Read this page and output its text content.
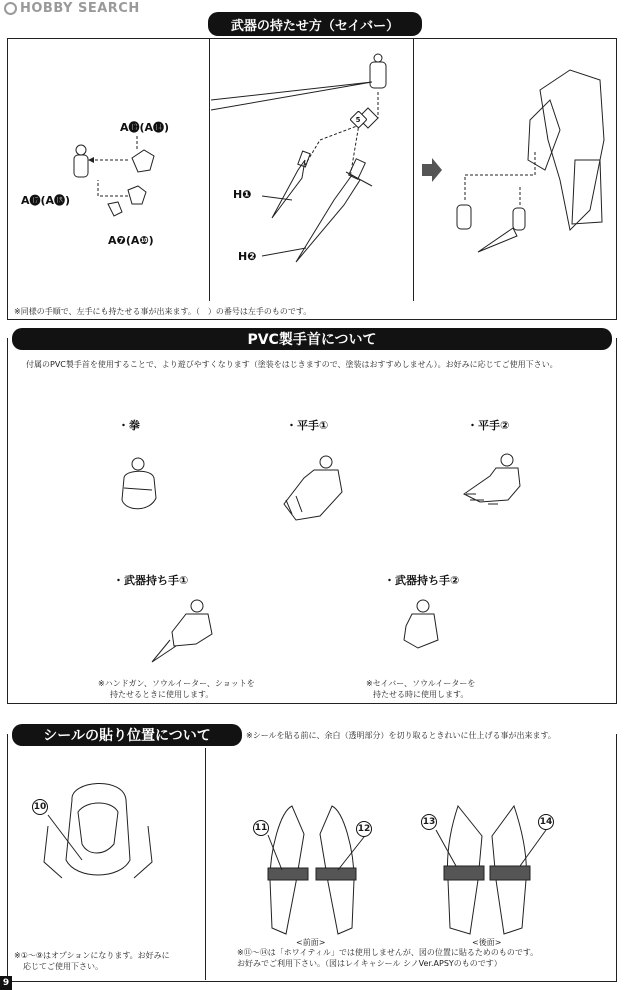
HOBBY SEARCH
武器の持たせ方（セイバー）
A⓭(A⓮)
A⓱(A⓲)
A❼(A❿)
5
H❶
H❷
※同様の手順で、左手にも持たせる事が出来ます。（　）の番号は左手のものです。
PVC製手首について
付属のPVC製手首を使用することで、より遊びやすくなります（塗装をはじきますので、塗装はおすすめしません）。お好みに応じてご使用下さい。
・拳	・平手①	・平手②
・武器持ち手①	・武器持ち手②
※ハンドガン、ソウルイーター、ショットを
持たせるときに使用します。
※セイバー、ソウルイーターを
持たせる時に使用します。
シールの貼り位置について	※シールを貼る前に、余白（透明部分）を切り取るときれいに仕上げる事が出来ます。
10
11	12
13	14
<前面>	<後面>
※①〜⑨はオプションになります。お好みに
応じてご使用下さい。
※⑪〜⑭は「ホワイティル」では使用しませんが、図の位置に貼るためのものです。
お好みでご利用下さい。（図はレイキャシール シノVer.APSYのものです）
9
